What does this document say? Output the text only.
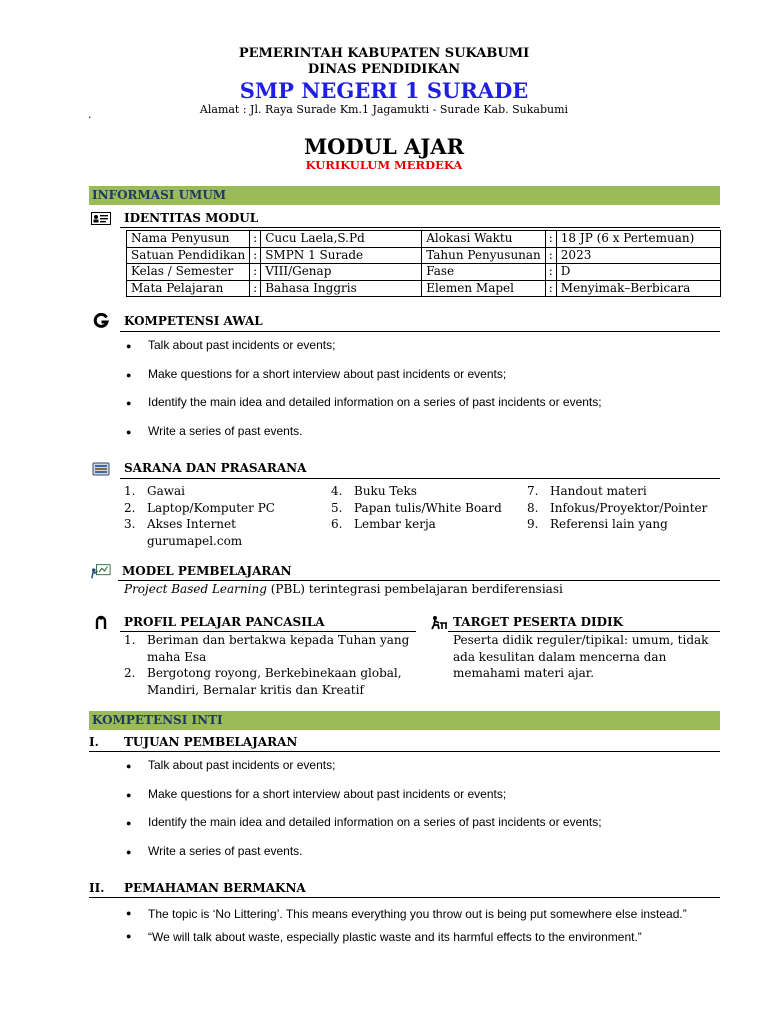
PEMERINTAH KABUPATEN SUKABUMI
DINAS PENDIDIKAN
SMP NEGERI 1 SURADE
Alamat : Jl. Raya Surade Km.1 Jagamukti - Surade Kab. Sukabumi
.
MODUL AJAR
KURIKULUM MERDEKA
INFORMASI UMUM
IDENTITAS MODUL
Nama Penyusun	:	Cucu Laela,S.Pd	Alokasi Waktu	:	18 JP (6 x Pertemuan)
Satuan Pendidikan	:	SMPN 1 Surade	Tahun Penyusunan	:	2023
Kelas / Semester	:	VIII/Genap	Fase	:	D
Mata Pelajaran	:	Bahasa Inggris	Elemen Mapel	:	Menyimak–Berbicara
KOMPETENSI AWAL
● Talk about past incidents or events;
● Make questions for a short interview about past incidents or events;
● Identify the main idea and detailed information on a series of past incidents or events;
● Write a series of past events.
SARANA DAN PRASARANA
1. Gawai
2. Laptop/Komputer PC
3. Akses Internet
gurumapel.com
4. Buku Teks
5. Papan tulis/White Board
6. Lembar kerja
7. Handout materi
8. Infokus/Proyektor/Pointer
9. Referensi lain yang
MODEL PEMBELAJARAN
Project Based Learning (PBL) terintegrasi pembelajaran berdiferensiasi
PROFIL PELAJAR PANCASILA
1. Beriman dan bertakwa kepada Tuhan yang maha Esa
2. Bergotong royong, Berkebinekaan global, Mandiri, Bernalar kritis dan Kreatif
TARGET PESERTA DIDIK
Peserta didik reguler/tipikal: umum, tidak ada kesulitan dalam mencerna dan memahami materi ajar.
KOMPETENSI INTI
I. TUJUAN PEMBELAJARAN
● Talk about past incidents or events;
● Make questions for a short interview about past incidents or events;
● Identify the main idea and detailed information on a series of past incidents or events;
● Write a series of past events.
II. PEMAHAMAN BERMAKNA
● The topic is ‘No Littering’. This means everything you throw out is being put somewhere else instead.”
● “We will talk about waste, especially plastic waste and its harmful effects to the environment.”
